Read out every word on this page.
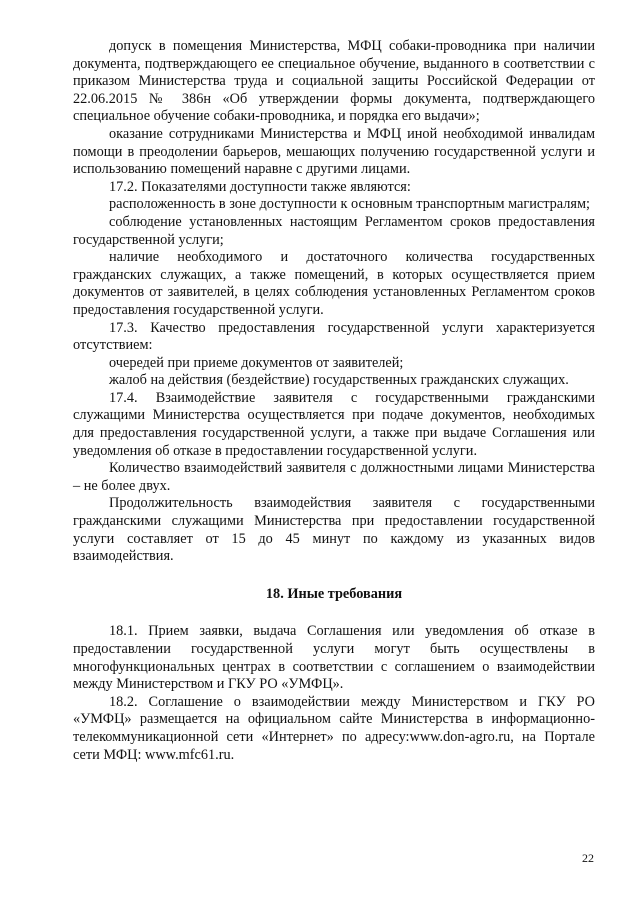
допуск в помещения Министерства, МФЦ собаки-проводника при наличии документа, подтверждающего ее специальное обучение, выданного в соответствии с приказом Министерства труда и социальной защиты Российской Федерации от 22.06.2015 № 386н «Об утверждении формы документа, подтверждающего специальное обучение собаки-проводника, и порядка его выдачи»;

оказание сотрудниками Министерства и МФЦ иной необходимой инвалидам помощи в преодолении барьеров, мешающих получению государственной услуги и использованию помещений наравне с другими лицами.

17.2. Показателями доступности также являются:

расположенность в зоне доступности к основным транспортным магистралям;

соблюдение установленных настоящим Регламентом сроков предоставления государственной услуги;

наличие необходимого и достаточного количества государственных гражданских служащих, а также помещений, в которых осуществляется прием документов от заявителей, в целях соблюдения установленных Регламентом сроков предоставления государственной услуги.

17.3. Качество предоставления государственной услуги характеризуется отсутствием:

очередей при приеме документов от заявителей;

жалоб на действия (бездействие) государственных гражданских служащих.

17.4. Взаимодействие заявителя с государственными гражданскими служащими Министерства осуществляется при подаче документов, необходимых для предоставления государственной услуги, а также при выдаче Соглашения или уведомления об отказе в предоставлении государственной услуги.

Количество взаимодействий заявителя с должностными лицами Министерства – не более двух.

Продолжительность взаимодействия заявителя с государственными гражданскими служащими Министерства при предоставлении государственной услуги составляет от 15 до 45 минут по каждому из указанных видов взаимодействия.

18. Иные требования

18.1. Прием заявки, выдача Соглашения или уведомления об отказе в предоставлении государственной услуги могут быть осуществлены в многофункциональных центрах в соответствии с соглашением о взаимодействии между Министерством и ГКУ РО «УМФЦ».

18.2. Соглашение о взаимодействии между Министерством и ГКУ РО «УМФЦ» размещается на официальном сайте Министерства в информационно-телекоммуникационной сети «Интернет» по адресу:www.don-agro.ru, на Портале сети МФЦ: www.mfc61.ru.

22
